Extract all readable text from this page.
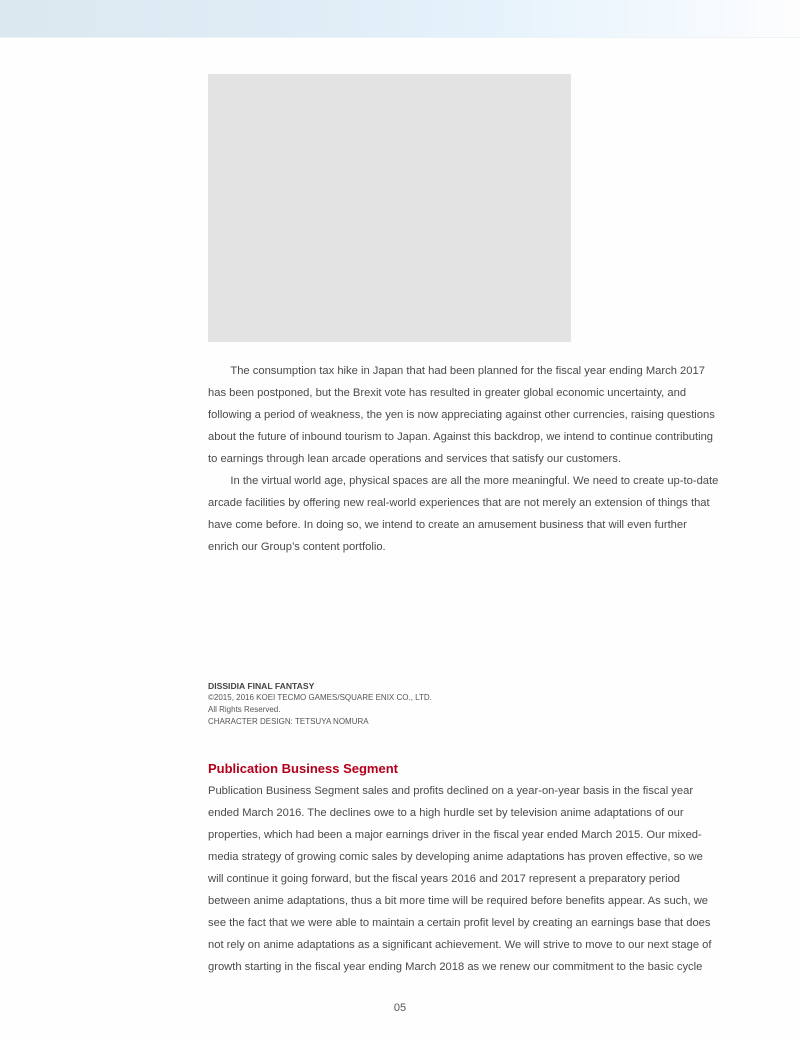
  The consumption tax hike in Japan that had been planned for the fiscal year ending March 2017
has been postponed, but the Brexit vote has resulted in greater global economic uncertainty, and
following a period of weakness, the yen is now appreciating against other currencies, raising questions
about the future of inbound tourism to Japan. Against this backdrop, we intend to continue contributing
to earnings through lean arcade operations and services that satisfy our customers.
  In the virtual world age, physical spaces are all the more meaningful. We need to create up-to-date
arcade facilities by offering new real-world experiences that are not merely an extension of things that
have come before. In doing so, we intend to create an amusement business that will even further
enrich our Group’s content portfolio.
DISSIDIA FINAL FANTASY
©2015, 2016 KOEI TECMO GAMES/SQUARE ENIX CO., LTD.
All Rights Reserved.
CHARACTER DESIGN: TETSUYA NOMURA
Publication Business Segment
Publication Business Segment sales and profits declined on a year-on-year basis in the fiscal year
ended March 2016. The declines owe to a high hurdle set by television anime adaptations of our
properties, which had been a major earnings driver in the fiscal year ended March 2015. Our mixed-
media strategy of growing comic sales by developing anime adaptations has proven effective, so we
will continue it going forward, but the fiscal years 2016 and 2017 represent a preparatory period
between anime adaptations, thus a bit more time will be required before benefits appear. As such, we
see the fact that we were able to maintain a certain profit level by creating an earnings base that does
not rely on anime adaptations as a significant achievement. We will strive to move to our next stage of
growth starting in the fiscal year ending March 2018 as we renew our commitment to the basic cycle
05
